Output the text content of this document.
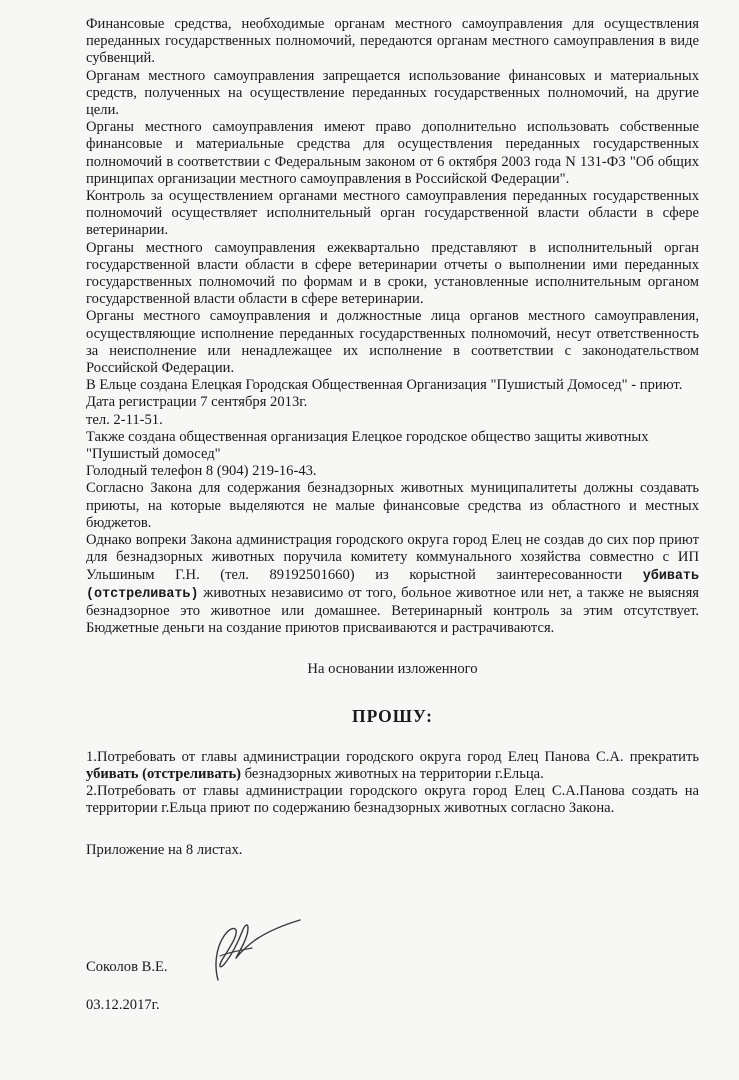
Финансовые средства, необходимые органам местного самоуправления для осуществления переданных государственных полномочий, передаются органам местного самоуправления в виде субвенций.

Органам местного самоуправления запрещается использование финансовых и материальных средств, полученных на осуществление переданных государственных полномочий, на другие цели.

Органы местного самоуправления имеют право дополнительно использовать собственные финансовые и материальные средства для осуществления переданных государственных полномочий в соответствии с Федеральным законом от 6 октября 2003 года N 131-ФЗ "Об общих принципах организации местного самоуправления в Российской Федерации".

Контроль за осуществлением органами местного самоуправления переданных государственных полномочий осуществляет исполнительный орган государственной власти области в сфере ветеринарии.

Органы местного самоуправления ежеквартально представляют в исполнительный орган государственной власти области в сфере ветеринарии отчеты о выполнении ими переданных государственных полномочий по формам и в сроки, установленные исполнительным органом государственной власти области в сфере ветеринарии.

Органы местного самоуправления и должностные лица органов местного самоуправления, осуществляющие исполнение переданных государственных полномочий, несут ответственность за неисполнение или ненадлежащее их исполнение в соответствии с законодательством Российской Федерации.

В Ельце создана Елецкая Городская Общественная Организация "Пушистый Домосед" - приют.

Дата регистрации 7 сентября 2013г.

тел. 2-11-51.

Также создана общественная организация Елецкое городское общество защиты животных "Пушистый домосед"

Голодный телефон 8 (904) 219-16-43.

Согласно Закона для содержания безнадзорных животных муниципалитеты должны создавать приюты, на которые выделяются не малые финансовые средства из областного и местных бюджетов.

Однако вопреки Закона администрация городского округа город Елец не создав до сих пор приют для безнадзорных животных поручила комитету коммунального хозяйства совместно с ИП Ульшиным Г.Н. (тел. 89192501660) из корыстной заинтересованности убивать (отстреливать) животных независимо от того, больное животное или нет, а также не выясняя безнадзорное это животное или домашнее. Ветеринарный контроль за этим отсутствует. Бюджетные деньги на создание приютов присваиваются и растрачиваются.

На основании изложенного

ПРОШУ:

1.Потребовать от главы администрации городского округа город Елец Панова С.А. прекратить убивать (отстреливать) безнадзорных животных на территории г.Ельца.

2.Потребовать от главы администрации городского округа город Елец С.А.Панова создать на территории г.Ельца приют по содержанию безнадзорных животных согласно Закона.

Приложение на 8 листах.

Соколов В.Е.
03.12.2017г.
